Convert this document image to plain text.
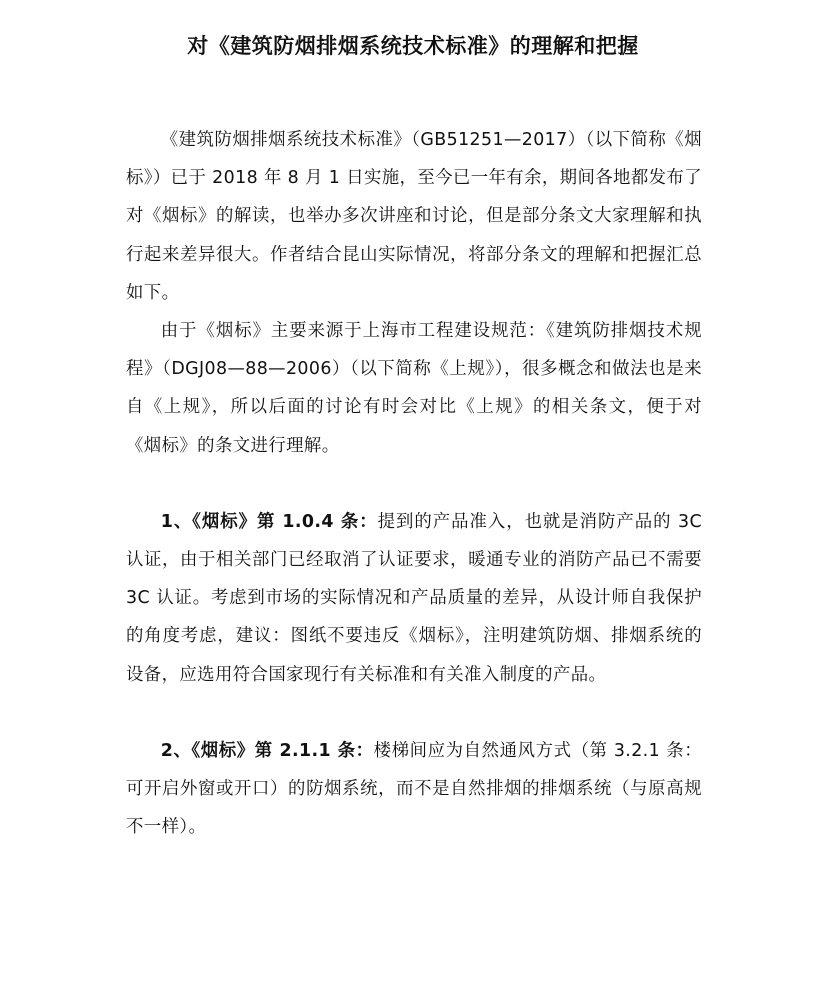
对《建筑防烟排烟系统技术标准》的理解和把握

《建筑防烟排烟系统技术标准》（GB51251—2017）（以下简称《烟标》）已于 2018 年 8 月 1 日实施，至今已一年有余，期间各地都发布了对《烟标》的解读，也举办多次讲座和讨论，但是部分条文大家理解和执行起来差异很大。作者结合昆山实际情况，将部分条文的理解和把握汇总如下。

由于《烟标》主要来源于上海市工程建设规范：《建筑防排烟技术规程》（DGJ08—88—2006）（以下简称《上规》），很多概念和做法也是来自《上规》，所以后面的讨论有时会对比《上规》的相关条文，便于对《烟标》的条文进行理解。

1、《烟标》第 1.0.4 条：提到的产品准入，也就是消防产品的 3C 认证，由于相关部门已经取消了认证要求，暖通专业的消防产品已不需要 3C 认证。考虑到市场的实际情况和产品质量的差异，从设计师自我保护的角度考虑，建议：图纸不要违反《烟标》，注明建筑防烟、排烟系统的设备，应选用符合国家现行有关标准和有关准入制度的产品。

2、《烟标》第 2.1.1 条：楼梯间应为自然通风方式（第 3.2.1 条：可开启外窗或开口）的防烟系统，而不是自然排烟的排烟系统（与原高规不一样）。
